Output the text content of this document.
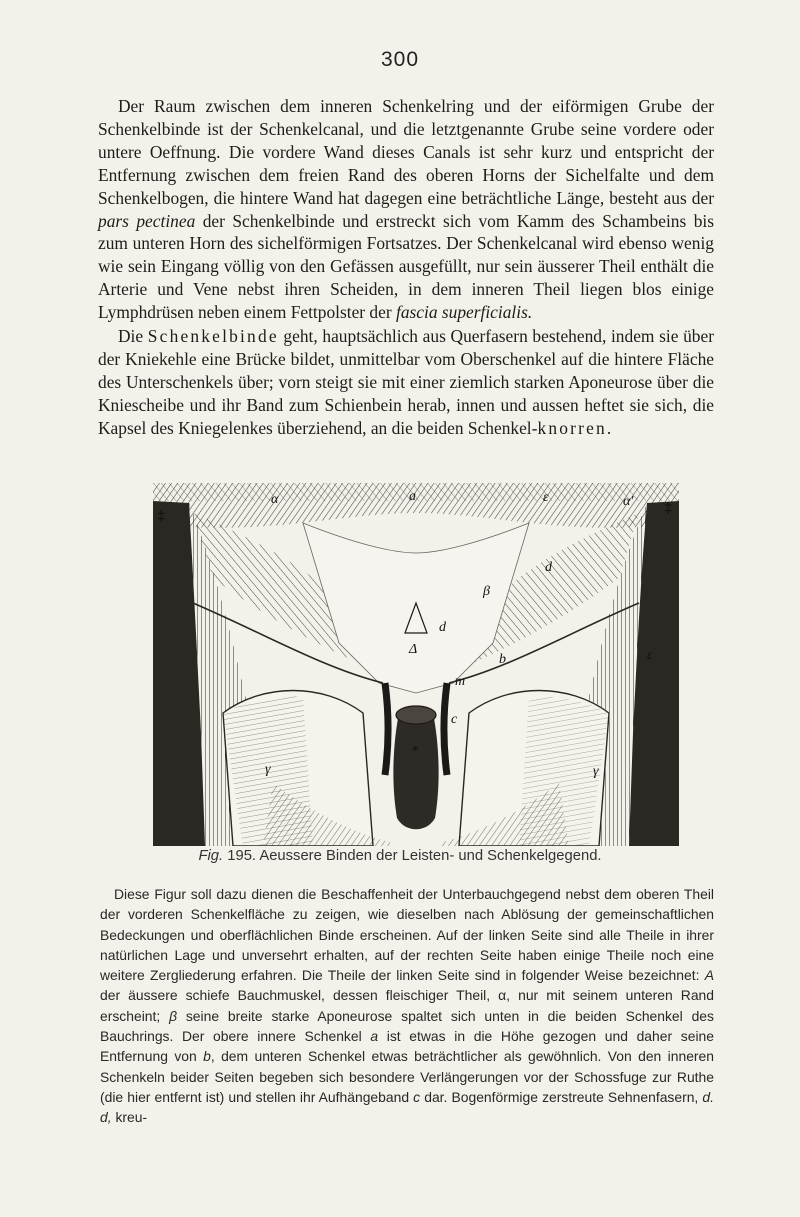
300
Der Raum zwischen dem inneren Schenkelring und der eiförmigen Grube der Schenkelbinde ist der Schenkelcanal, und die letztgenannte Grube seine vordere oder untere Oeffnung. Die vordere Wand dieses Canals ist sehr kurz und entspricht der Entfernung zwischen dem freien Rand des oberen Horns der Sichelfalte und dem Schenkelbogen, die hintere Wand hat dagegen eine beträchtliche Länge, besteht aus der pars pectinea der Schenkelbinde und erstreckt sich vom Kamm des Schambeins bis zum unteren Horn des sichelförmigen Fortsatzes. Der Schenkelcanal wird ebenso wenig wie sein Eingang völlig von den Gefässen ausgefüllt, nur sein äusserer Theil enthält die Arterie und Vene nebst ihren Scheiden, in dem inneren Theil liegen blos einige Lymphdrüsen neben einem Fettpolster der fascia superficialis.
Die Schenkelbinde geht, hauptsächlich aus Querfasern bestehend, indem sie über der Kniekehle eine Brücke bildet, unmittelbar vom Oberschenkel auf die hintere Fläche des Unterschenkels über; vorn steigt sie mit einer ziemlich starken Aponeurose über die Kniescheibe und ihr Band zum Schienbein herab, innen und aussen heftet sie sich, die Kapsel des Kniegelenkes überziehend, an die beiden Schenkel-knorren.
α	a	ε	α'
d
β
d
Δ
b
m
ε
c
γ	γ
*
‡	‡
Fig. 195. Aeussere Binden der Leisten- und Schenkelgegend.
Diese Figur soll dazu dienen die Beschaffenheit der Unterbauchgegend nebst dem oberen Theil der vorderen Schenkelfläche zu zeigen, wie dieselben nach Ablösung der gemeinschaftlichen Bedeckungen und oberflächlichen Binde erscheinen. Auf der linken Seite sind alle Theile in ihrer natürlichen Lage und unversehrt erhalten, auf der rechten Seite haben einige Theile noch eine weitere Zergliederung erfahren. Die Theile der linken Seite sind in folgender Weise bezeichnet: A der äussere schiefe Bauchmuskel, dessen fleischiger Theil, α, nur mit seinem unteren Rand erscheint; β seine breite starke Aponeurose spaltet sich unten in die beiden Schenkel des Bauchrings. Der obere innere Schenkel a ist etwas in die Höhe gezogen und daher seine Entfernung von b, dem unteren Schenkel etwas beträchtlicher als gewöhnlich. Von den inneren Schenkeln beider Seiten begeben sich besondere Verlängerungen vor der Schossfuge zur Ruthe (die hier entfernt ist) und stellen ihr Aufhängeband c dar. Bogenförmige zerstreute Sehnenfasern, d. d, kreu-
